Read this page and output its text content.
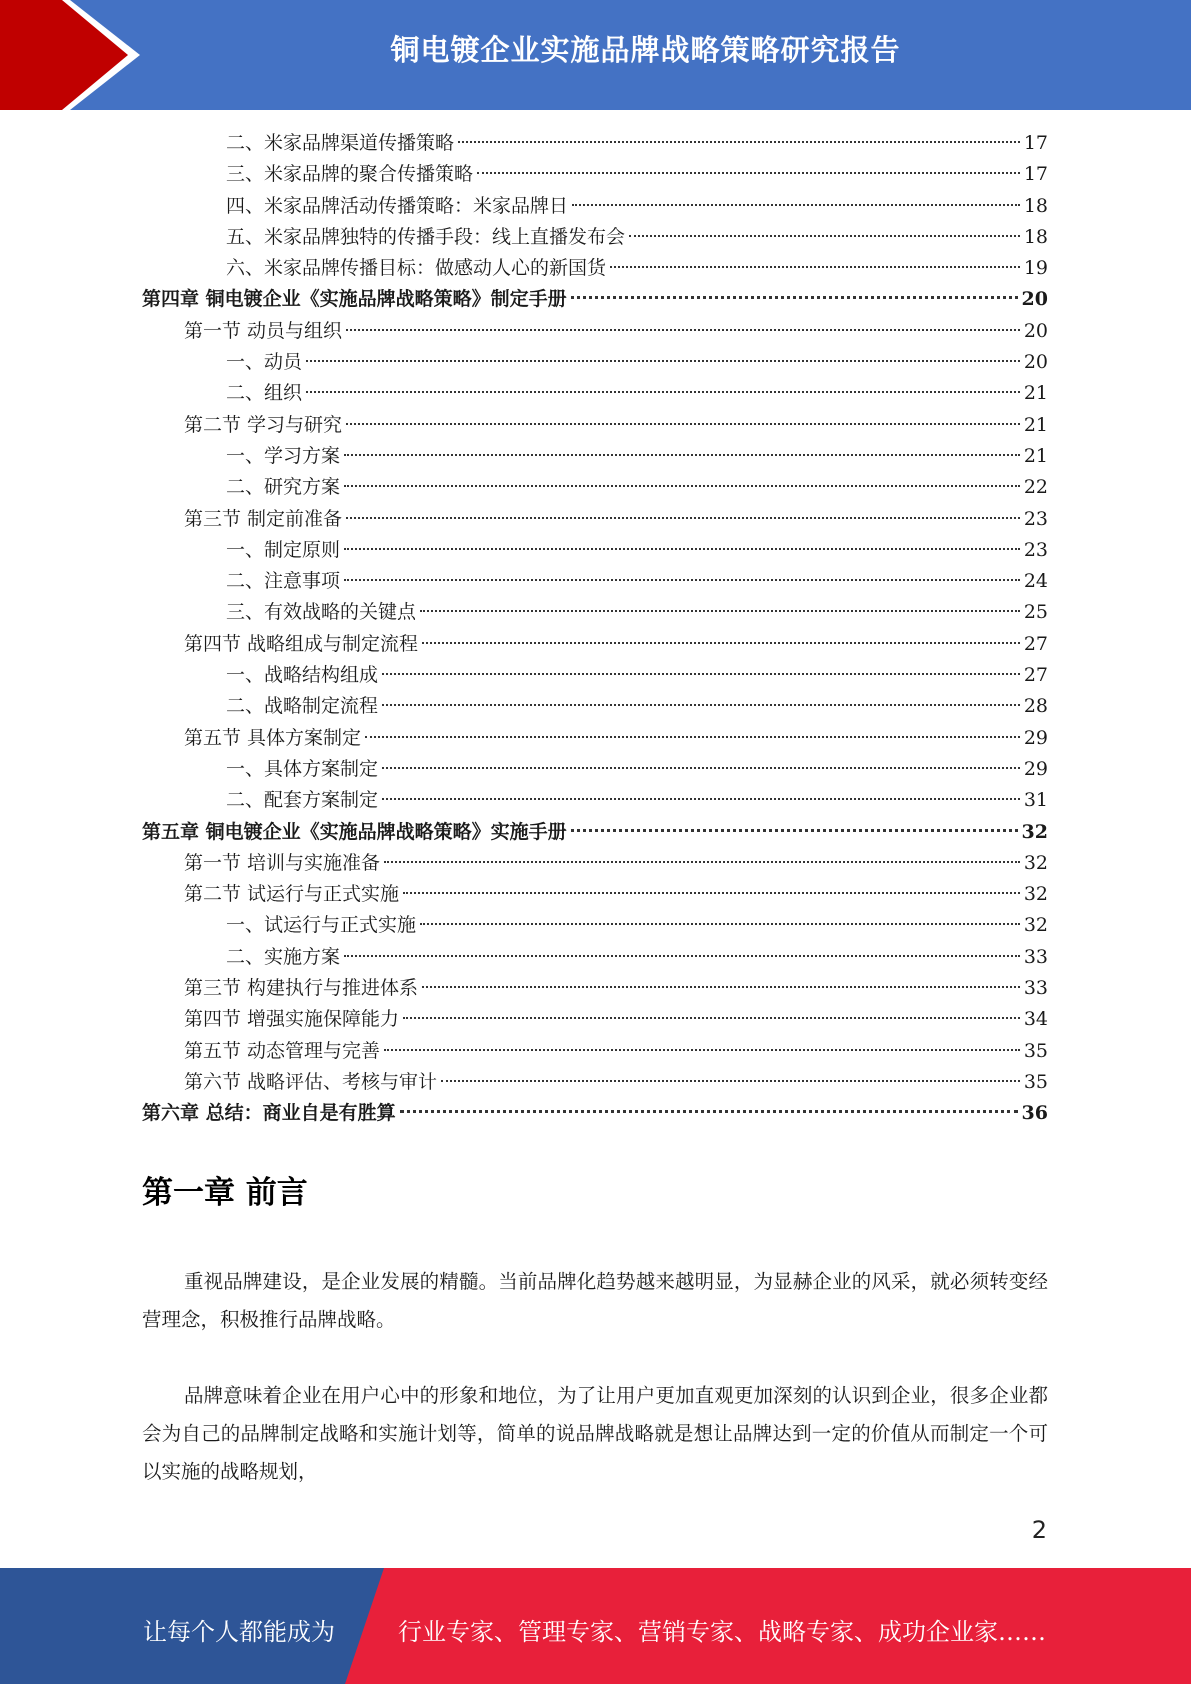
铜电镀企业实施品牌战略策略研究报告
二、米家品牌渠道传播策略	17
三、米家品牌的聚合传播策略	17
四、米家品牌活动传播策略：米家品牌日	18
五、米家品牌独特的传播手段：线上直播发布会	18
六、米家品牌传播目标：做感动人心的新国货	19
第四章 铜电镀企业《实施品牌战略策略》制定手册	20
第一节 动员与组织	20
一、动员	20
二、组织	21
第二节 学习与研究	21
一、学习方案	21
二、研究方案	22
第三节 制定前准备	23
一、制定原则	23
二、注意事项	24
三、有效战略的关键点	25
第四节 战略组成与制定流程	27
一、战略结构组成	27
二、战略制定流程	28
第五节 具体方案制定	29
一、具体方案制定	29
二、配套方案制定	31
第五章 铜电镀企业《实施品牌战略策略》实施手册	32
第一节 培训与实施准备	32
第二节 试运行与正式实施	32
一、试运行与正式实施	32
二、实施方案	33
第三节 构建执行与推进体系	33
第四节 增强实施保障能力	34
第五节 动态管理与完善	35
第六节 战略评估、考核与审计	35
第六章 总结：商业自是有胜算	36
第一章 前言

重视品牌建设，是企业发展的精髓。当前品牌化趋势越来越明显，为显赫企业的风采，就必须转变经营理念，积极推行品牌战略。

品牌意味着企业在用户心中的形象和地位，为了让用户更加直观更加深刻的认识到企业，很多企业都会为自己的品牌制定战略和实施计划等，简单的说品牌战略就是想让品牌达到一定的价值从而制定一个可以实施的战略规划，

2
让每个人都能成为	行业专家、管理专家、营销专家、战略专家、成功企业家……
